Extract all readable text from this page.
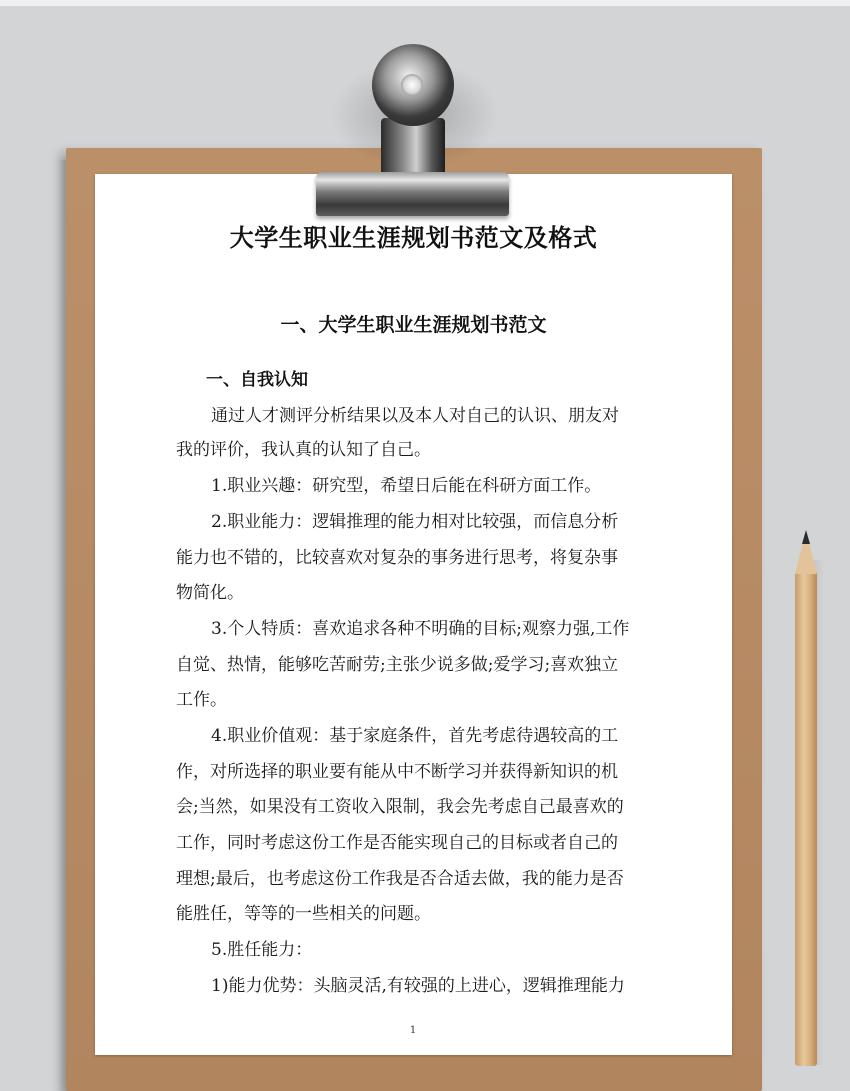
大学生职业生涯规划书范文及格式
一、大学生职业生涯规划书范文
一、自我认知
通过人才测评分析结果以及本人对自己的认识、朋友对
我的评价，我认真的认知了自己。
1.职业兴趣：研究型，希望日后能在科研方面工作。
2.职业能力：逻辑推理的能力相对比较强，而信息分析
能力也不错的，比较喜欢对复杂的事务进行思考，将复杂事
物简化。
3.个人特质：喜欢追求各种不明确的目标;观察力强,工作
自觉、热情，能够吃苦耐劳;主张少说多做;爱学习;喜欢独立
工作。
4.职业价值观：基于家庭条件，首先考虑待遇较高的工
作，对所选择的职业要有能从中不断学习并获得新知识的机
会;当然，如果没有工资收入限制，我会先考虑自己最喜欢的
工作，同时考虑这份工作是否能实现自己的目标或者自己的
理想;最后，也考虑这份工作我是否合适去做，我的能力是否
能胜任，等等的一些相关的问题。
5.胜任能力：
1)能力优势：头脑灵活,有较强的上进心，逻辑推理能力
1
